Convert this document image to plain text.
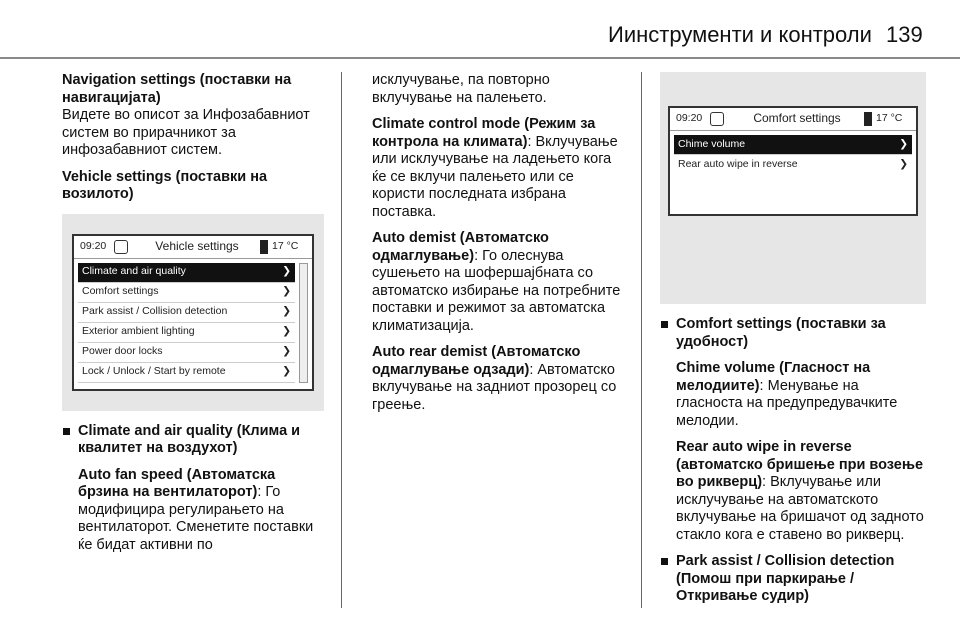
Иинструменти и контроли 139

Navigation settings (поставки на навигацијата)
Видете во описот за Инфозабавниот систем во прирачникот за инфозабавниот систем.

Vehicle settings (поставки на возилото)

09:20	Vehicle settings	17 °C
Climate and air quality	❯
Comfort settings	❯
Park assist / Collision detection	❯
Exterior ambient lighting	❯
Power door locks	❯
Lock / Unlock / Start by remote	❯
Climate and air quality (Клима и квалитет на воздухот)

Auto fan speed (Автоматска брзина на вентилаторот): Го модифицира регулирањето на вентилаторот. Сменетите поставки ќе бидат активни по

исклучување, па повторно вклучување на палењето.

Climate control mode (Режим за контрола на климата): Вклучување или исклучување на ладењето кога ќе се вклучи палењето или се користи последната избрана поставка.

Auto demist (Автоматско одмаглување): Го олеснува сушењето на шофершајбната со автоматско избирање на потребните поставки и режимот за автоматска климатизација.

Auto rear demist (Автоматско одмаглување одзади): Автоматско вклучување на задниот прозорец со греење.

09:20	Comfort settings	17 °C
Chime volume	❯
Rear auto wipe in reverse	❯
Comfort settings (поставки за удобност)

Chime volume (Гласност на мелодиите): Менување на гласноста на предупредувачките мелодии.

Rear auto wipe in reverse (автоматско бришење при возење во рикверц): Вклучување или исклучување на автоматското вклучување на бришачот од задното стакло кога е ставено во рикверц.

Park assist / Collision detection (Помош при паркирање / Откривање судир)
